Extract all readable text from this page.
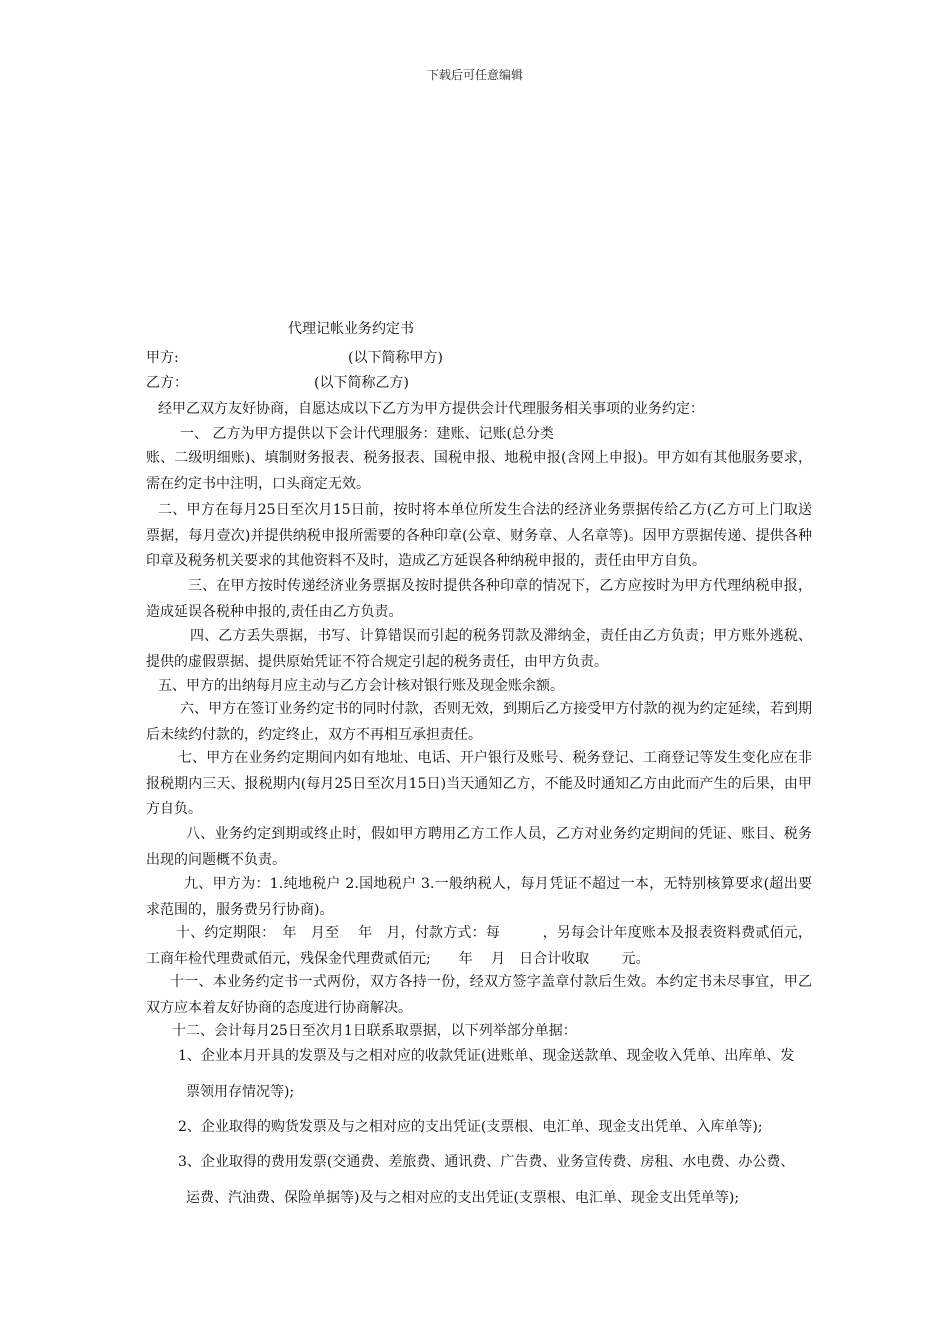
下载后可任意编辑
代理记帐业务约定书
甲方:	(以下简称甲方)
乙方：	(以下简称乙方)
经甲乙双方友好协商，自愿达成以下乙方为甲方提供会计代理服务相关事项的业务约定：
一、 乙方为甲方提供以下会计代理服务：建账、记账(总分类
账、二级明细账)、填制财务报表、税务报表、国税申报、地税申报(含网上申报)。甲方如有其他服务要求，需在约定书中注明，口头商定无效。
二、甲方在每月25日至次月15日前，按时将本单位所发生合法的经济业务票据传给乙方(乙方可上门取送票据，每月壹次)并提供纳税申报所需要的各种印章(公章、财务章、人名章等)。因甲方票据传递、提供各种印章及税务机关要求的其他资料不及时，造成乙方延误各种纳税申报的，责任由甲方自负。
三、在甲方按时传递经济业务票据及按时提供各种印章的情况下，乙方应按时为甲方代理纳税申报，造成延误各税种申报的,责任由乙方负责。
四、乙方丢失票据，书写、计算错误而引起的税务罚款及滞纳金，责任由乙方负责；甲方账外逃税、提供的虚假票据、提供原始凭证不符合规定引起的税务责任，由甲方负责。
五、甲方的出纳每月应主动与乙方会计核对银行账及现金账余额。
六、甲方在签订业务约定书的同时付款，否则无效，到期后乙方接受甲方付款的视为约定延续，若到期后未续约付款的，约定终止，双方不再相互承担责任。
七、甲方在业务约定期间内如有地址、电话、开户银行及账号、税务登记、工商登记等发生变化应在非报税期内三天、报税期内(每月25日至次月15日)当天通知乙方，不能及时通知乙方由此而产生的后果，由甲方自负。
八、业务约定到期或终止时，假如甲方聘用乙方工作人员，乙方对业务约定期间的凭证、账目、税务出现的问题概不负责。
九、甲方为：1.纯地税户 2.国地税户 3.一般纳税人，每月凭证不超过一本，无特别核算要求(超出要求范围的，服务费另行协商)。
十、约定期限：　年　月至　 年　月，付款方式：每　　　，另每会计年度账本及报表资料费贰佰元，工商年检代理费贰佰元，残保金代理费贰佰元;　　年　 月　日合计收取　　 元。
十一、本业务约定书一式两份，双方各持一份，经双方签字盖章付款后生效。本约定书未尽事宜，甲乙双方应本着友好协商的态度进行协商解决。
十二、会计每月25日至次月1日联系取票据，以下列举部分单据：
1、企业本月开具的发票及与之相对应的收款凭证(进账单、现金送款单、现金收入凭单、出库单、发
票领用存情况等);
2、企业取得的购货发票及与之相对应的支出凭证(支票根、电汇单、现金支出凭单、入库单等);
3、企业取得的费用发票(交通费、差旅费、通讯费、广告费、业务宣传费、房租、水电费、办公费、
运费、汽油费、保险单据等)及与之相对应的支出凭证(支票根、电汇单、现金支出凭单等);
